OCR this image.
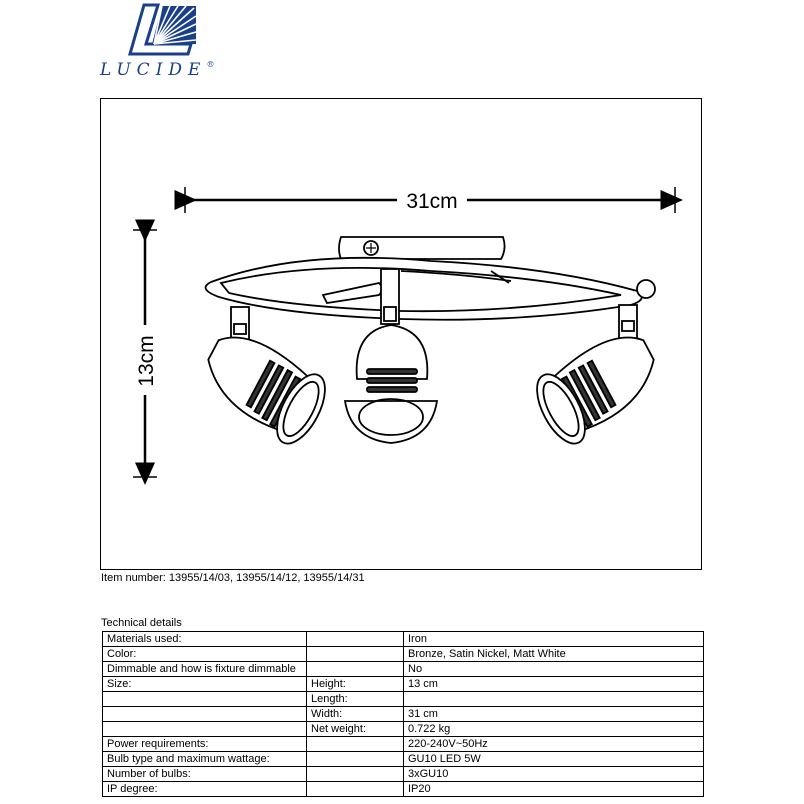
LUCIDE®
31cm
13cm
Item number: 13955/14/03, 13955/14/12, 13955/14/31
Technical details
Materials used:		Iron
Color:		Bronze, Satin Nickel, Matt White
Dimmable and how is fixture dimmable		No
Size:	Height:	13 cm
	Length:	
	Width:	31 cm
	Net weight:	0.722 kg
Power requirements:		220-240V~50Hz
Bulb type and maximum wattage:		GU10 LED 5W
Number of bulbs:		3xGU10
IP degree:		IP20
